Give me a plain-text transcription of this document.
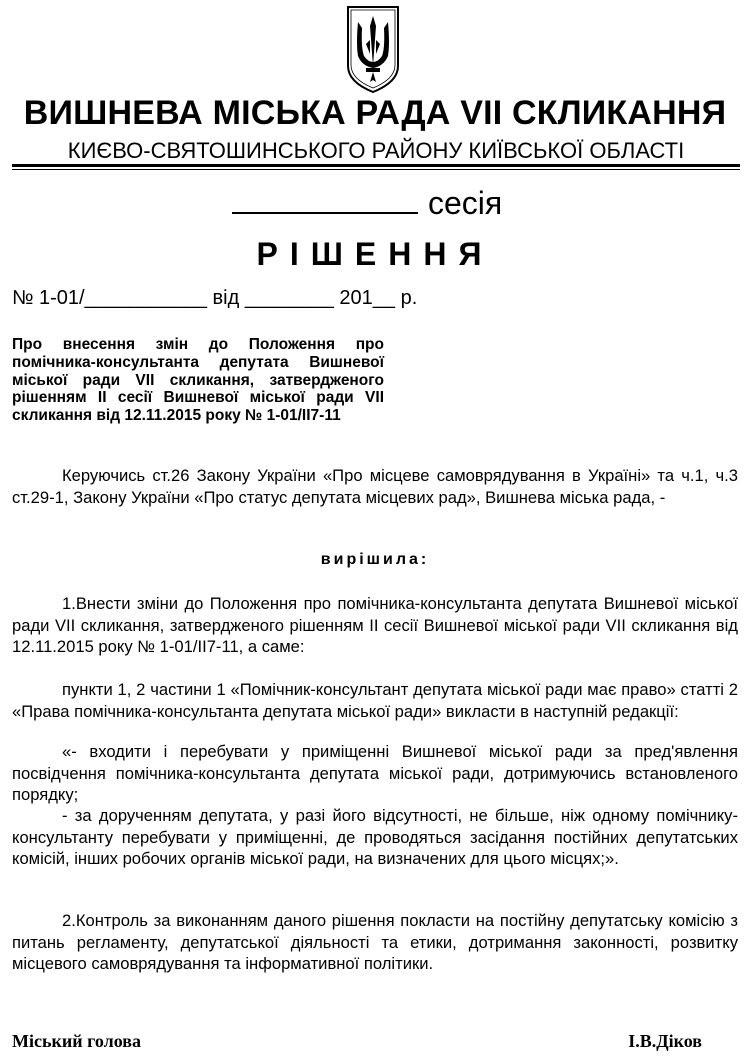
ВИШНЕВА МІСЬКА РАДА VII СКЛИКАННЯ
КИЄВО-СВЯТОШИНСЬКОГО РАЙОНУ КИЇВСЬКОЇ ОБЛАСТІ
сесія
РІШЕННЯ
№ 1-01/___________ від ________ 201__ р.
Про внесення змін до Положення про помічника-консультанта депутата Вишневої міської ради VII скликання, затвердженого рішенням ІІ сесії Вишневої міської ради VII скликання від 12.11.2015 року № 1-01/ІІ7-11
Керуючись ст.26 Закону України «Про місцеве самоврядування в Україні» та ч.1, ч.3 ст.29-1, Закону України «Про статус депутата місцевих рад», Вишнева міська рада, -
вирішила:
1.Внести зміни до Положення про помічника-консультанта депутата Вишневої міської ради VII скликання, затвердженого рішенням ІІ сесії Вишневої міської ради VII скликання від 12.11.2015 року № 1-01/ІІ7-11, а саме:
пункти 1, 2 частини 1 «Помічник-консультант депутата міської ради має право» статті 2 «Права помічника-консультанта депутата міської ради» викласти в наступній редакції:
«- входити і перебувати у приміщенні Вишневої міської ради за пред'явлення посвідчення помічника-консультанта депутата міської ради, дотримуючись встановленого порядку;
- за дорученням депутата, у разі його відсутності, не більше, ніж одному помічнику-консультанту перебувати у приміщенні, де проводяться засідання постійних депутатських комісій, інших робочих органів міської ради, на визначених для цього місцях;».
2.Контроль за виконанням даного рішення покласти на постійну депутатську комісію з питань регламенту, депутатської діяльності та етики, дотримання законності, розвитку місцевого самоврядування та інформативної політики.
Міський голова	І.В.Діков
